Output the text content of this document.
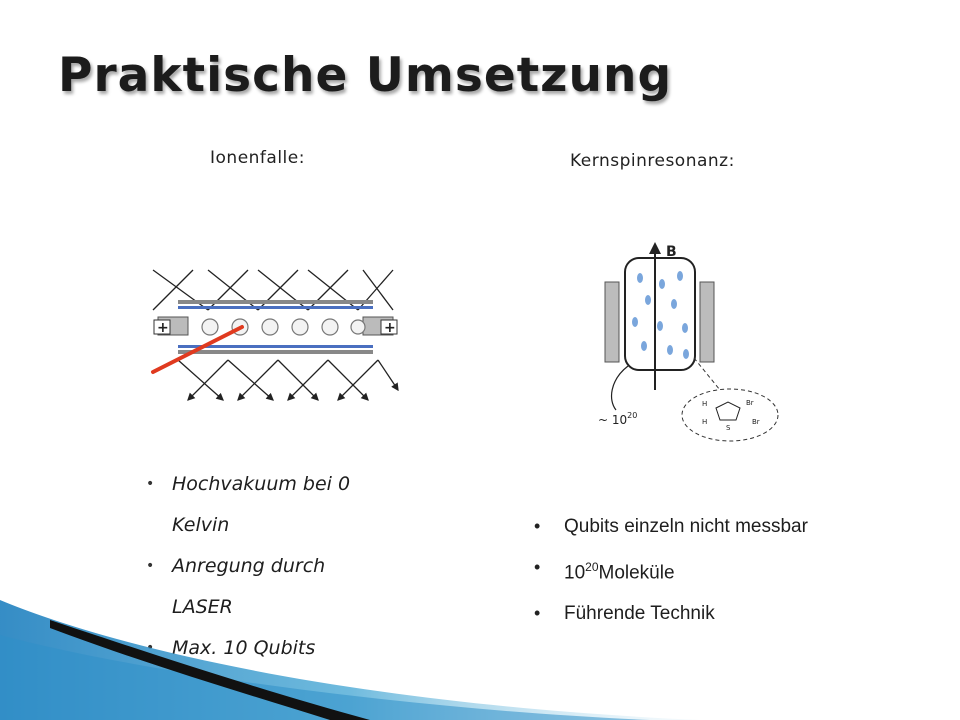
Praktische Umsetzung
Ionenfalle:	Kernspinresonanz:
+	+
B
~ $10^{20}$
H
H
S
Br
Br
• Hochvakuum bei 0 Kelvin
• Anregung durch LASER
• Max. 10 Qubits
• Qubits einzeln nicht messbar
• $10^{20}Moleküle$
• Führende Technik
